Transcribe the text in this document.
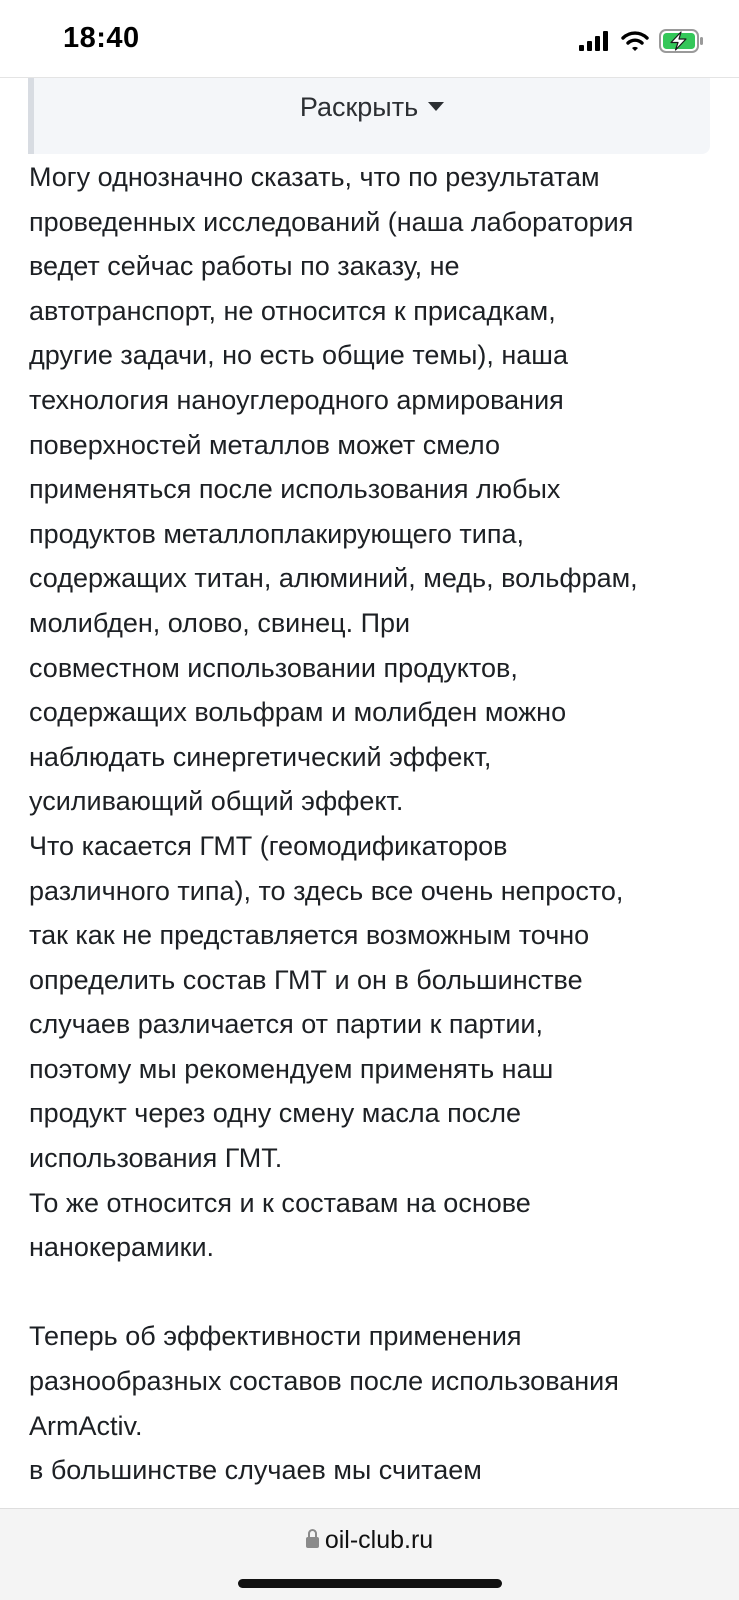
18:40
Раскрыть
Могу однозначно сказать, что по результатам
проведенных исследований (наша лаборатория
ведет сейчас работы по заказу, не
автотранспорт, не относится к присадкам,
другие задачи, но есть общие темы), наша
технология наноуглеродного армирования
поверхностей металлов может смело
применяться после использования любых
продуктов металлоплакирующего типа,
содержащих титан, алюминий, медь, вольфрам,
молибден, олово, свинец. При
совместном использовании продуктов,
содержащих вольфрам и молибден можно
наблюдать синергетический эффект,
усиливающий общий эффект.
Что касается ГМТ (геомодификаторов
различного типа), то здесь все очень непросто,
так как не представляется возможным точно
определить состав ГМТ и он в большинстве
случаев различается от партии к партии,
поэтому мы рекомендуем применять наш
продукт через одну смену масла после
использования ГМТ.
То же относится и к составам на основе
нанокерамики.

Теперь об эффективности применения
разнообразных составов после использования
ArmActiv.
в большинстве случаев мы считаем
oil-club.ru
